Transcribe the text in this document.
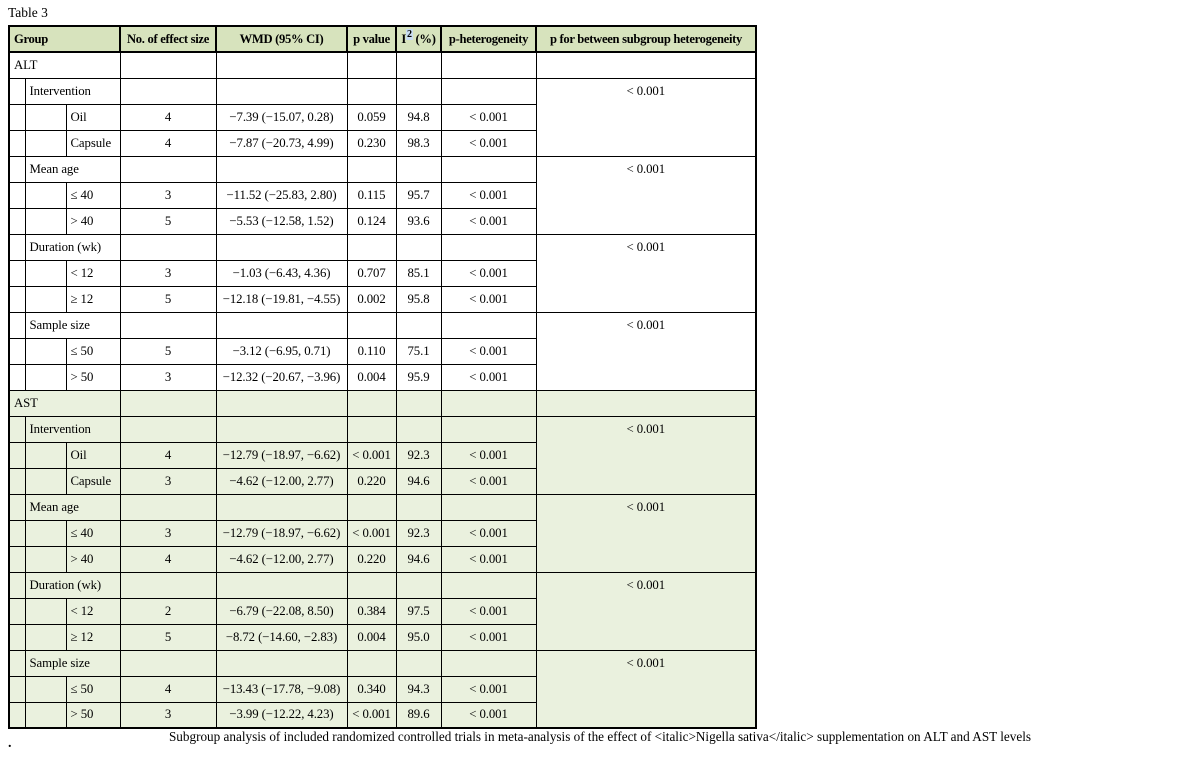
Table 3
Group			No. of effect size	WMD (95% CI)	p value	$I^2$ (%)	p-heterogeneity	p for between subgroup heterogeneity
ALT								
	Intervention							< 0.001
		Oil	4	−7.39 (−15.07, 0.28)	0.059	94.8	< 0.001	
		Capsule	4	−7.87 (−20.73, 4.99)	0.230	98.3	< 0.001	
	Mean age							< 0.001
		≤ 40	3	−11.52 (−25.83, 2.80)	0.115	95.7	< 0.001	
		> 40	5	−5.53 (−12.58, 1.52)	0.124	93.6	< 0.001	
	Duration (wk)							< 0.001
		< 12	3	−1.03 (−6.43, 4.36)	0.707	85.1	< 0.001	
		≥ 12	5	−12.18 (−19.81, −4.55)	0.002	95.8	< 0.001	
	Sample size							< 0.001
		≤ 50	5	−3.12 (−6.95, 0.71)	0.110	75.1	< 0.001	
		> 50	3	−12.32 (−20.67, −3.96)	0.004	95.9	< 0.001	
AST								
	Intervention							< 0.001
		Oil	4	−12.79 (−18.97, −6.62)	< 0.001	92.3	< 0.001	
		Capsule	3	−4.62 (−12.00, 2.77)	0.220	94.6	< 0.001	
	Mean age							< 0.001
		≤ 40	3	−12.79 (−18.97, −6.62)	< 0.001	92.3	< 0.001	
		> 40	4	−4.62 (−12.00, 2.77)	0.220	94.6	< 0.001	
	Duration (wk)							< 0.001
		< 12	2	−6.79 (−22.08, 8.50)	0.384	97.5	< 0.001	
		≥ 12	5	−8.72 (−14.60, −2.83)	0.004	95.0	< 0.001	
	Sample size							< 0.001
		≤ 50	4	−13.43 (−17.78, −9.08)	0.340	94.3	< 0.001	
		> 50	3	−3.99 (−12.22, 4.23)	< 0.001	89.6	< 0.001	
Subgroup analysis of included randomized controlled trials in meta-analysis of the effect of <italic>Nigella sativa</italic> supplementation on ALT and AST levels
.
